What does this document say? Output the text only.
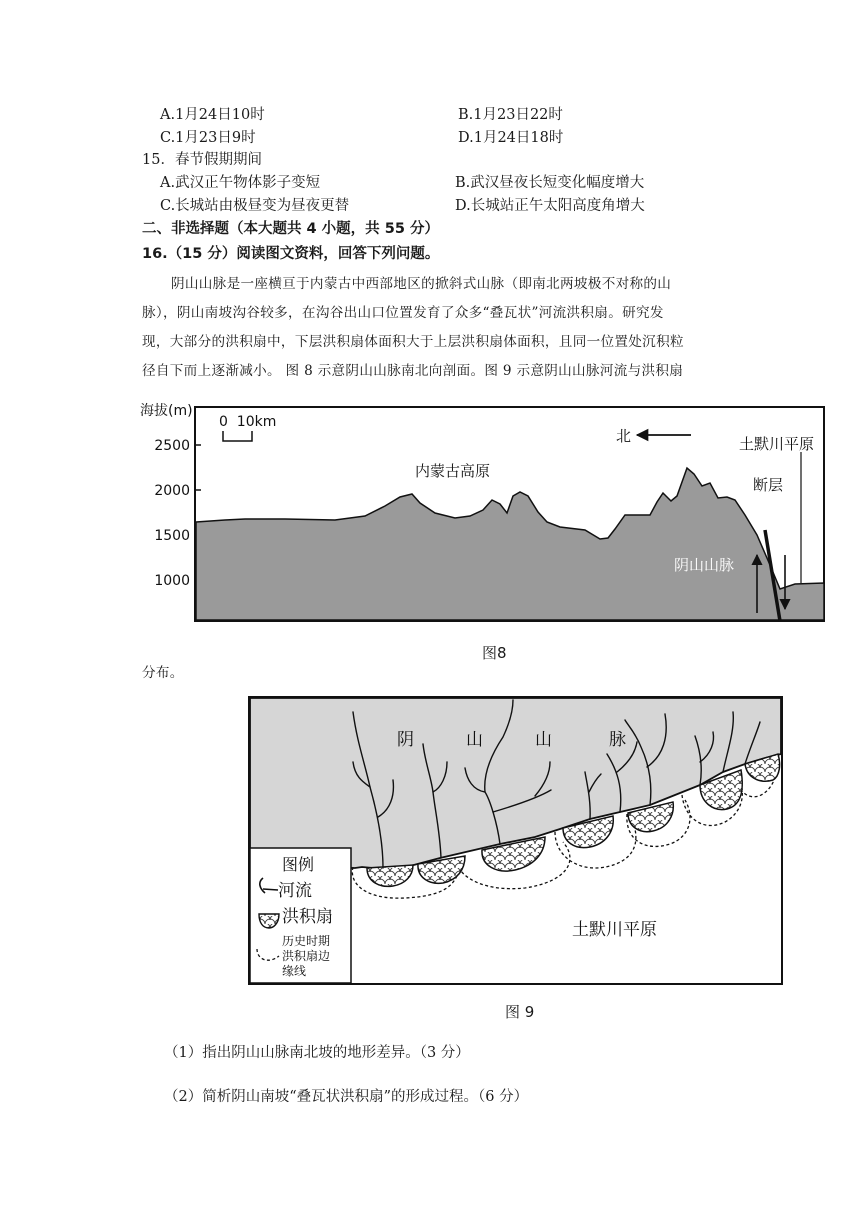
A.1月24日10时	B.1月23日22时
C.1月23日9时	D.1月24日18时
15．春节假期期间
A.武汉正午物体影子变短	B.武汉昼夜长短变化幅度增大
C.长城站由极昼变为昼夜更替	D.长城站正午太阳高度角增大
二、非选择题（本大题共 4 小题，共 55 分）
16.（15 分）阅读图文资料，回答下列问题。
阴山山脉是一座横亘于内蒙古中西部地区的掀斜式山脉（即南北两坡极不对称的山
脉），阴山南坡沟谷较多，在沟谷出山口位置发育了众多“叠瓦状”河流洪积扇。研究发
现，大部分的洪积扇中，下层洪积扇体面积大于上层洪积扇体面积，且同一位置处沉积粒
径自下而上逐渐减小。 图 8 示意阴山山脉南北向剖面。图 9 示意阴山山脉河流与洪积扇
海拔(m)
2500
2000
1500
1000
0  10km
北
内蒙古高原
土默川平原
断层
阴山山脉
图8
分布。
阴	山	山	脉
土默川平原
图例
河流
洪积扇
历史时期
洪积扇边
缘线
图 9
（1）指出阴山山脉南北坡的地形差异。（3 分）
（2）简析阴山南坡“叠瓦状洪积扇”的形成过程。（6 分）
